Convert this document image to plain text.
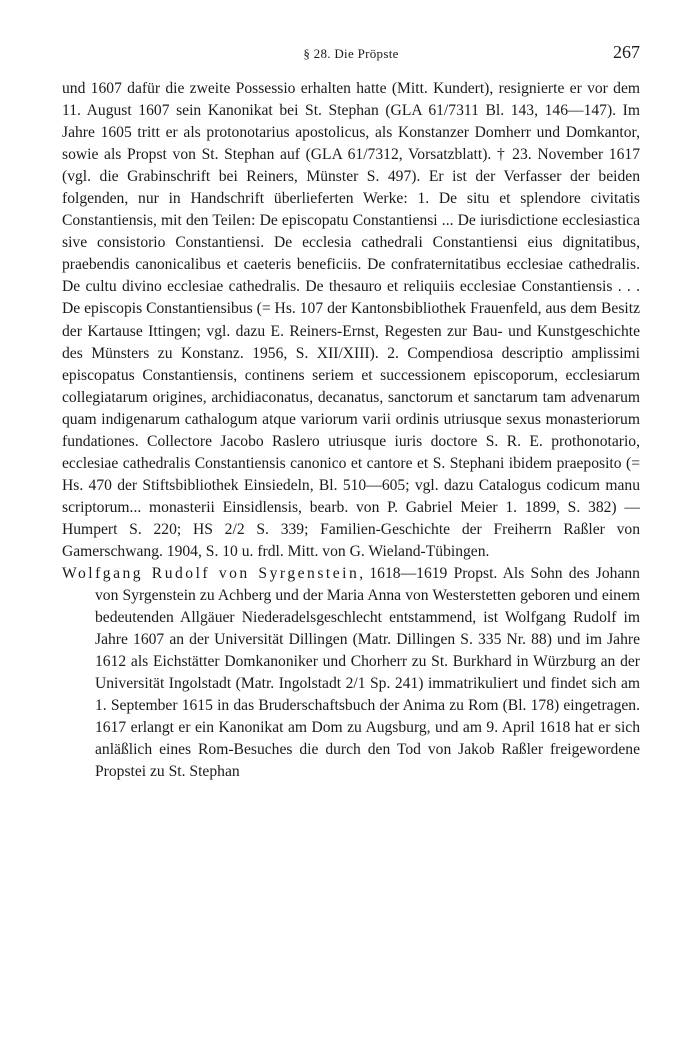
§ 28. Die Pröpste	267

und 1607 dafür die zweite Possessio erhalten hatte (Mitt. Kundert), resignierte er vor dem 11. August 1607 sein Kanonikat bei St. Stephan (GLA 61/7311 Bl. 143, 146—147). Im Jahre 1605 tritt er als protonotarius apostolicus, als Konstanzer Domherr und Domkantor, sowie als Propst von St. Stephan auf (GLA 61/7312, Vorsatzblatt). † 23. November 1617 (vgl. die Grabinschrift bei Reiners, Münster S. 497). Er ist der Verfasser der beiden folgenden, nur in Handschrift überlieferten Werke: 1. De situ et splendore civitatis Constantiensis, mit den Teilen: De episcopatu Constantiensi ... De iurisdictione ecclesiastica sive consistorio Constantiensi. De ecclesia cathedrali Constantiensi eius dignitatibus, praebendis canonicalibus et caeteris beneficiis. De confraternitatibus ecclesiae cathedralis. De cultu divino ecclesiae cathedralis. De thesauro et reliquiis ecclesiae Constantiensis . . . De episcopis Constantiensibus (= Hs. 107 der Kantonsbibliothek Frauenfeld, aus dem Besitz der Kartause Ittingen; vgl. dazu E. Reiners-Ernst, Regesten zur Bau- und Kunstgeschichte des Münsters zu Konstanz. 1956, S. XII/XIII). 2. Compendiosa descriptio amplissimi episcopatus Constantiensis, continens seriem et successionem episcoporum, ecclesiarum collegiatarum origines, archidiaconatus, decanatus, sanctorum et sanctarum tam advenarum quam indigenarum cathalogum atque variorum varii ordinis utriusque sexus monasteriorum fundationes. Collectore Jacobo Raslero utriusque iuris doctore S. R. E. prothonotario, ecclesiae cathedralis Constantiensis canonico et cantore et S. Stephani ibidem praeposito (= Hs. 470 der Stiftsbibliothek Einsiedeln, Bl. 510—605; vgl. dazu Catalogus codicum manu scriptorum... monasterii Einsidlensis, bearb. von P. Gabriel Meier 1. 1899, S. 382) — Humpert S. 220; HS 2/2 S. 339; Familien-Geschichte der Freiherrn Raßler von Gamerschwang. 1904, S. 10 u. frdl. Mitt. von G. Wieland-Tübingen.

Wolfgang Rudolf von Syrgenstein, 1618—1619 Propst. Als Sohn des Johann von Syrgenstein zu Achberg und der Maria Anna von Westerstetten geboren und einem bedeutenden Allgäuer Niederadelsgeschlecht entstammend, ist Wolfgang Rudolf im Jahre 1607 an der Universität Dillingen (Matr. Dillingen S. 335 Nr. 88) und im Jahre 1612 als Eichstätter Domkanoniker und Chorherr zu St. Burkhard in Würzburg an der Universität Ingolstadt (Matr. Ingolstadt 2/1 Sp. 241) immatrikuliert und findet sich am 1. September 1615 in das Bruderschaftsbuch der Anima zu Rom (Bl. 178) eingetragen. 1617 erlangt er ein Kanonikat am Dom zu Augsburg, und am 9. April 1618 hat er sich anläßlich eines Rom-Besuches die durch den Tod von Jakob Raßler freigewordene Propstei zu St. Stephan
